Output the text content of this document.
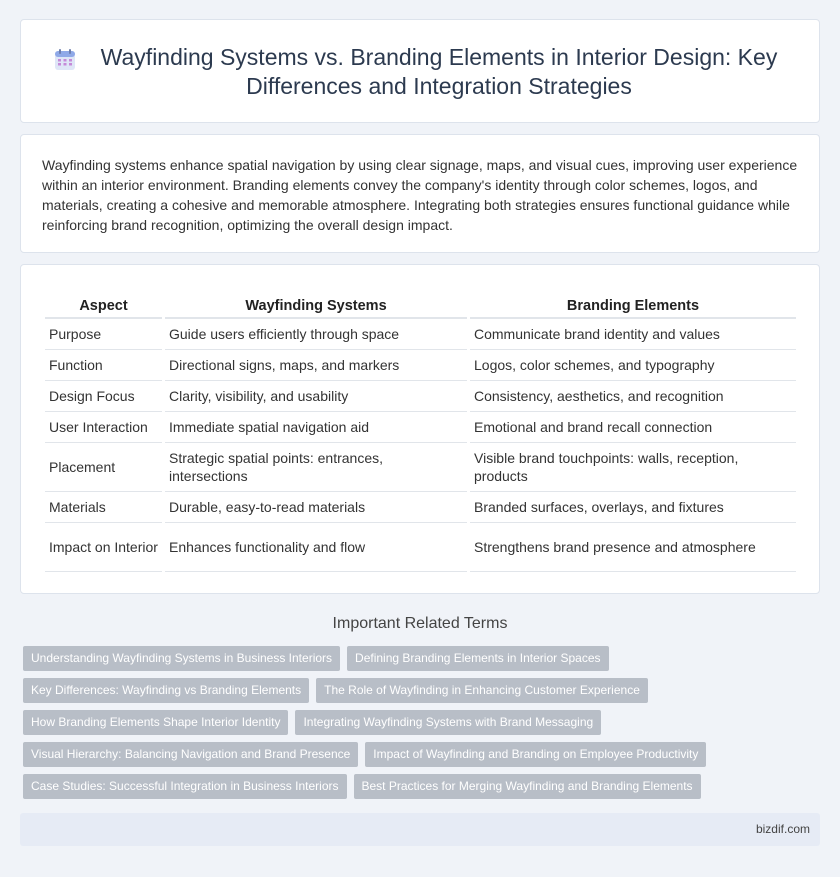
Wayfinding Systems vs. Branding Elements in Interior Design: Key Differences and Integration Strategies

Wayfinding systems enhance spatial navigation by using clear signage, maps, and visual cues, improving user experience within an interior environment. Branding elements convey the company's identity through color schemes, logos, and materials, creating a cohesive and memorable atmosphere. Integrating both strategies ensures functional guidance while reinforcing brand recognition, optimizing the overall design impact.

Aspect	Wayfinding Systems	Branding Elements
Purpose	Guide users efficiently through space	Communicate brand identity and values
Function	Directional signs, maps, and markers	Logos, color schemes, and typography
Design Focus	Clarity, visibility, and usability	Consistency, aesthetics, and recognition
User Interaction	Immediate spatial navigation aid	Emotional and brand recall connection
Placement	Strategic spatial points: entrances, intersections	Visible brand touchpoints: walls, reception, products
Materials	Durable, easy-to-read materials	Branded surfaces, overlays, and fixtures
Impact on Interior	Enhances functionality and flow	Strengthens brand presence and atmosphere
Important Related Terms
Understanding Wayfinding Systems in Business Interiors	Defining Branding Elements in Interior Spaces
Key Differences: Wayfinding vs Branding Elements	The Role of Wayfinding in Enhancing Customer Experience
How Branding Elements Shape Interior Identity	Integrating Wayfinding Systems with Brand Messaging
Visual Hierarchy: Balancing Navigation and Brand Presence	Impact of Wayfinding and Branding on Employee Productivity
Case Studies: Successful Integration in Business Interiors	Best Practices for Merging Wayfinding and Branding Elements
bizdif.com
